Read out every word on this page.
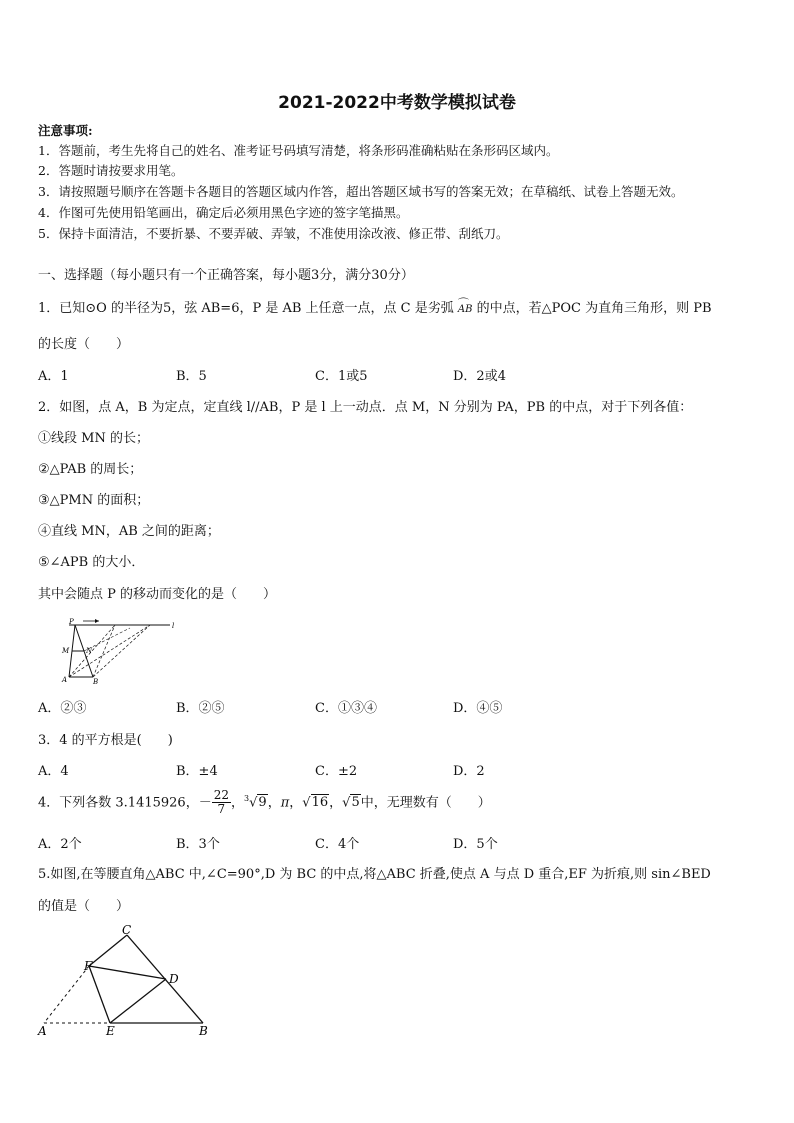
2021-2022中考数学模拟试卷
注意事项:
1．答题前，考生先将自己的姓名、准考证号码填写清楚，将条形码准确粘贴在条形码区域内。
2．答题时请按要求用笔。
3．请按照题号顺序在答题卡各题目的答题区域内作答，超出答题区域书写的答案无效；在草稿纸、试卷上答题无效。
4．作图可先使用铅笔画出，确定后必须用黑色字迹的签字笔描黑。
5．保持卡面清洁，不要折暴、不要弄破、弄皱，不准使用涂改液、修正带、刮纸刀。
一、选择题（每小题只有一个正确答案，每小题3分，满分30分）
1．已知⊙O 的半径为5，弦 AB=6，P 是 AB 上任意一点，点 C 是劣弧 ⌒ AB 的中点，若△POC 为直角三角形，则 PB
的长度（　　）
A．1	B．5	C．1或5	D．2或4
2．如图，点 A，B 为定点，定直线 l//AB，P 是 l 上一动点．点 M，N 分别为 PA，PB 的中点，对于下列各值：
①线段 MN 的长；
②△PAB 的周长；
③△PMN 的面积；
④直线 MN，AB 之间的距离；
⑤∠APB 的大小．
其中会随点 P 的移动而变化的是（　　）
P	l
M N
A	B
A．②③	B．②⑤	C．①③④	D．④⑤
3．4 的平方根是(　　)
A．4	B．±4	C．±2	D．2
4．下列各数 3.1415926，－ $\frac{22}{7}$ ，$^3$√9，π，√16，√5中，无理数有（　　）
A．2个	B．3个	C．4个	D．5个
5.如图,在等腰直角△ABC 中,∠C=90°,D 为 BC 的中点,将△ABC 折叠,使点 A 与点 D 重合,EF 为折痕,则 sin∠BED
的值是（　　）
C
F
D
A	E	B
